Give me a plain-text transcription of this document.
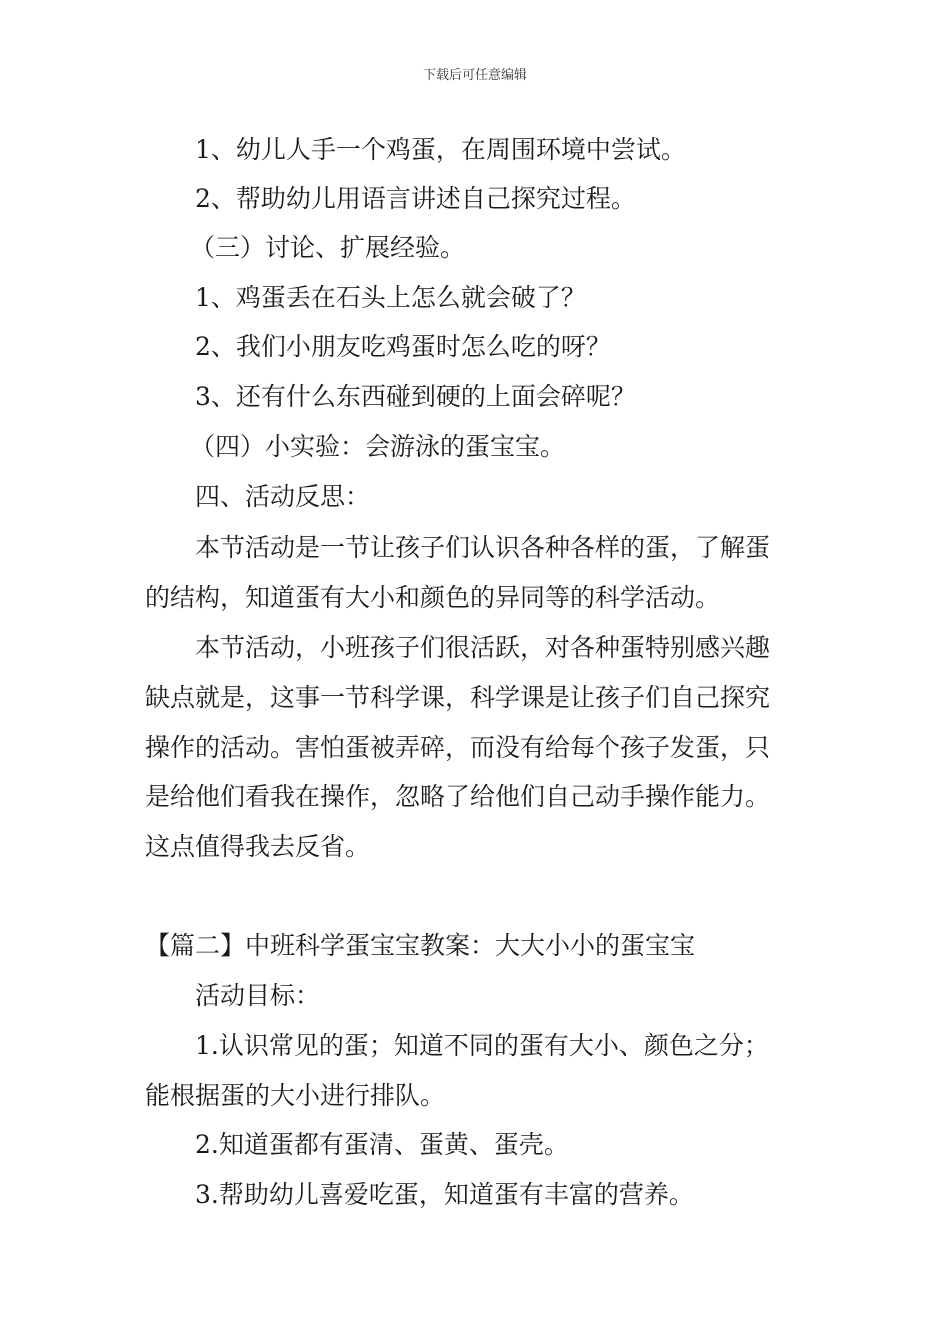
下载后可任意编辑
1、幼儿人手一个鸡蛋，在周围环境中尝试。
2、帮助幼儿用语言讲述自己探究过程。
（三）讨论、扩展经验。
1、鸡蛋丢在石头上怎么就会破了？
2、我们小朋友吃鸡蛋时怎么吃的呀？
3、还有什么东西碰到硬的上面会碎呢？
（四）小实验：会游泳的蛋宝宝。
四、活动反思：
本节活动是一节让孩子们认识各种各样的蛋，了解蛋
的结构，知道蛋有大小和颜色的异同等的科学活动。
本节活动，小班孩子们很活跃，对各种蛋特别感兴趣
缺点就是，这事一节科学课，科学课是让孩子们自己探究
操作的活动。害怕蛋被弄碎，而没有给每个孩子发蛋，只
是给他们看我在操作，忽略了给他们自己动手操作能力。
这点值得我去反省。
【篇二】中班科学蛋宝宝教案：大大小小的蛋宝宝
活动目标：
1.认识常见的蛋；知道不同的蛋有大小、颜色之分；
能根据蛋的大小进行排队。
2.知道蛋都有蛋清、蛋黄、蛋壳。
3.帮助幼儿喜爱吃蛋，知道蛋有丰富的营养。
